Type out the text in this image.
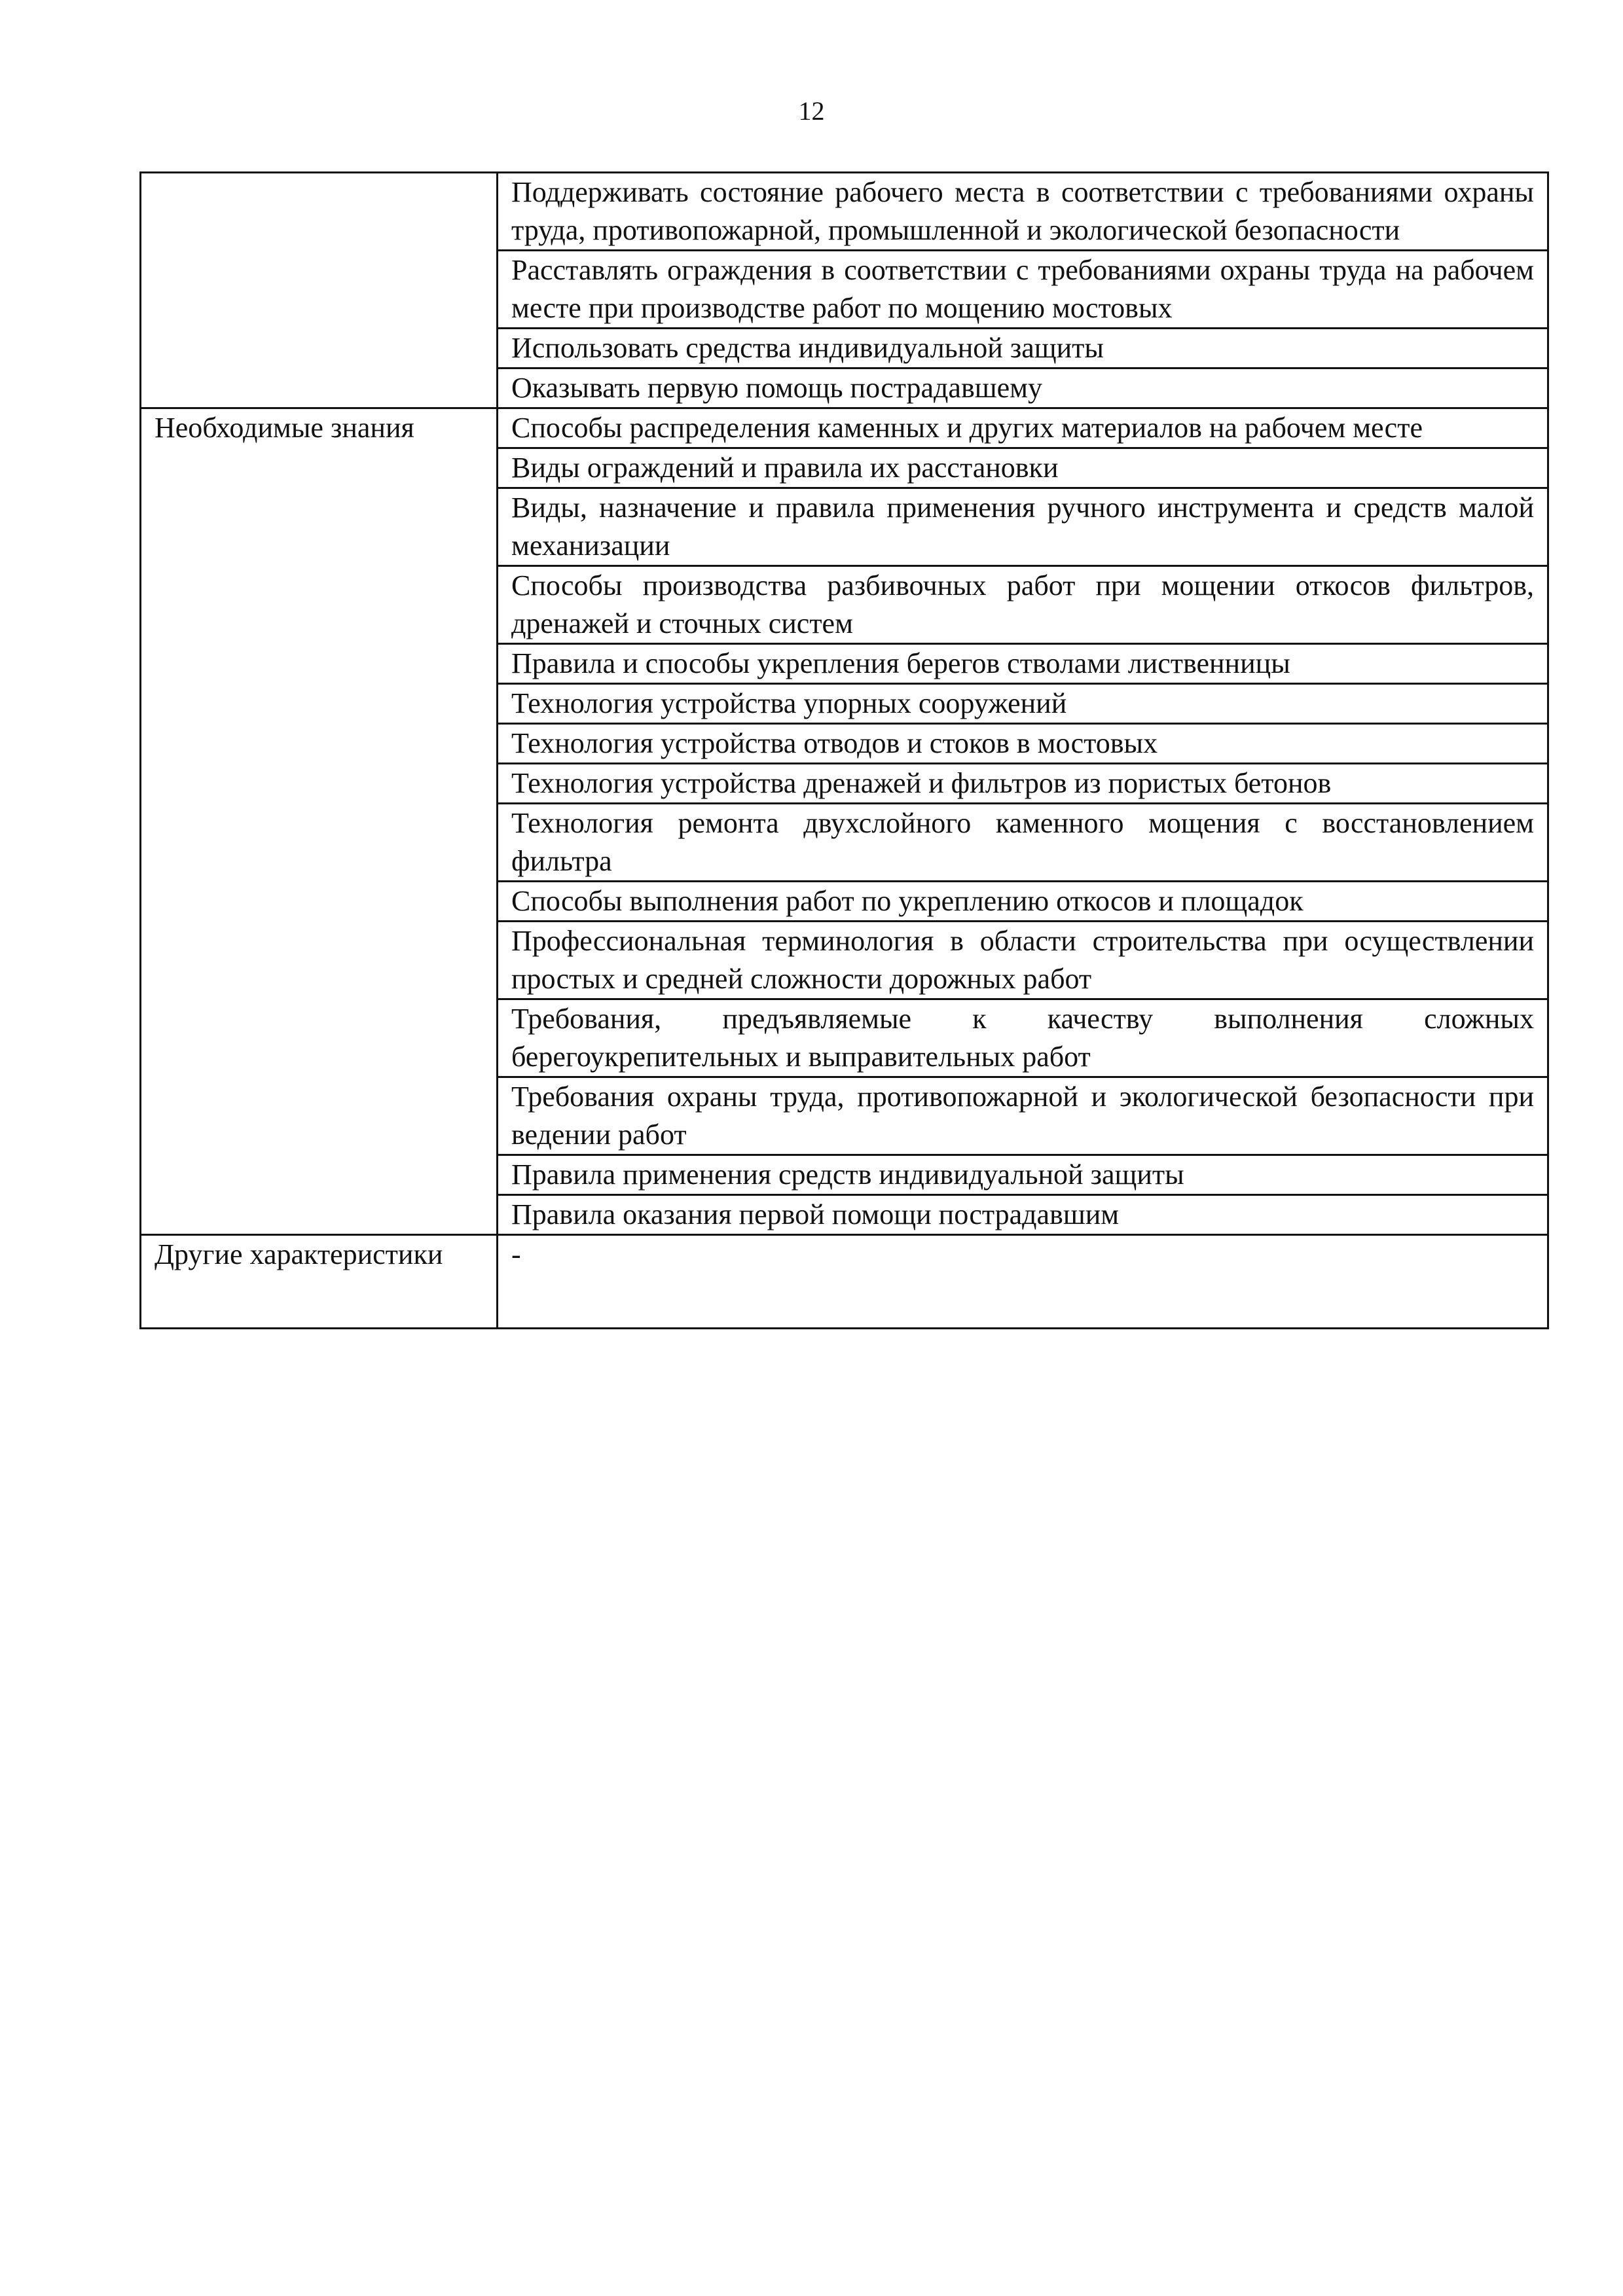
12
	Поддерживать состояние рабочего места в соответствии с требованиями охраны труда, противопожарной, промышленной и экологической безопасности
	Расставлять ограждения в соответствии с требованиями охраны труда на рабочем месте при производстве работ по мощению мостовых
	Использовать средства индивидуальной защиты
	Оказывать первую помощь пострадавшему
Необходимые знания	Способы распределения каменных и других материалов на рабочем месте
	Виды ограждений и правила их расстановки
	Виды, назначение и правила применения ручного инструмента и средств малой механизации
	Способы производства разбивочных работ при мощении откосов фильтров, дренажей и сточных систем
	Правила и способы укрепления берегов стволами лиственницы
	Технология устройства упорных сооружений
	Технология устройства отводов и стоков в мостовых
	Технология устройства дренажей и фильтров из пористых бетонов
	Технология ремонта двухслойного каменного мощения с восстановлением фильтра
	Способы выполнения работ по укреплению откосов и площадок
	Профессиональная терминология в области строительства при осуществлении простых и средней сложности дорожных работ
	Требования, предъявляемые к качеству выполнения сложных берегоукрепительных и выправительных работ
	Требования охраны труда, противопожарной и экологической безопасности при ведении работ
	Правила применения средств индивидуальной защиты
	Правила оказания первой помощи пострадавшим
Другие характеристики	-
